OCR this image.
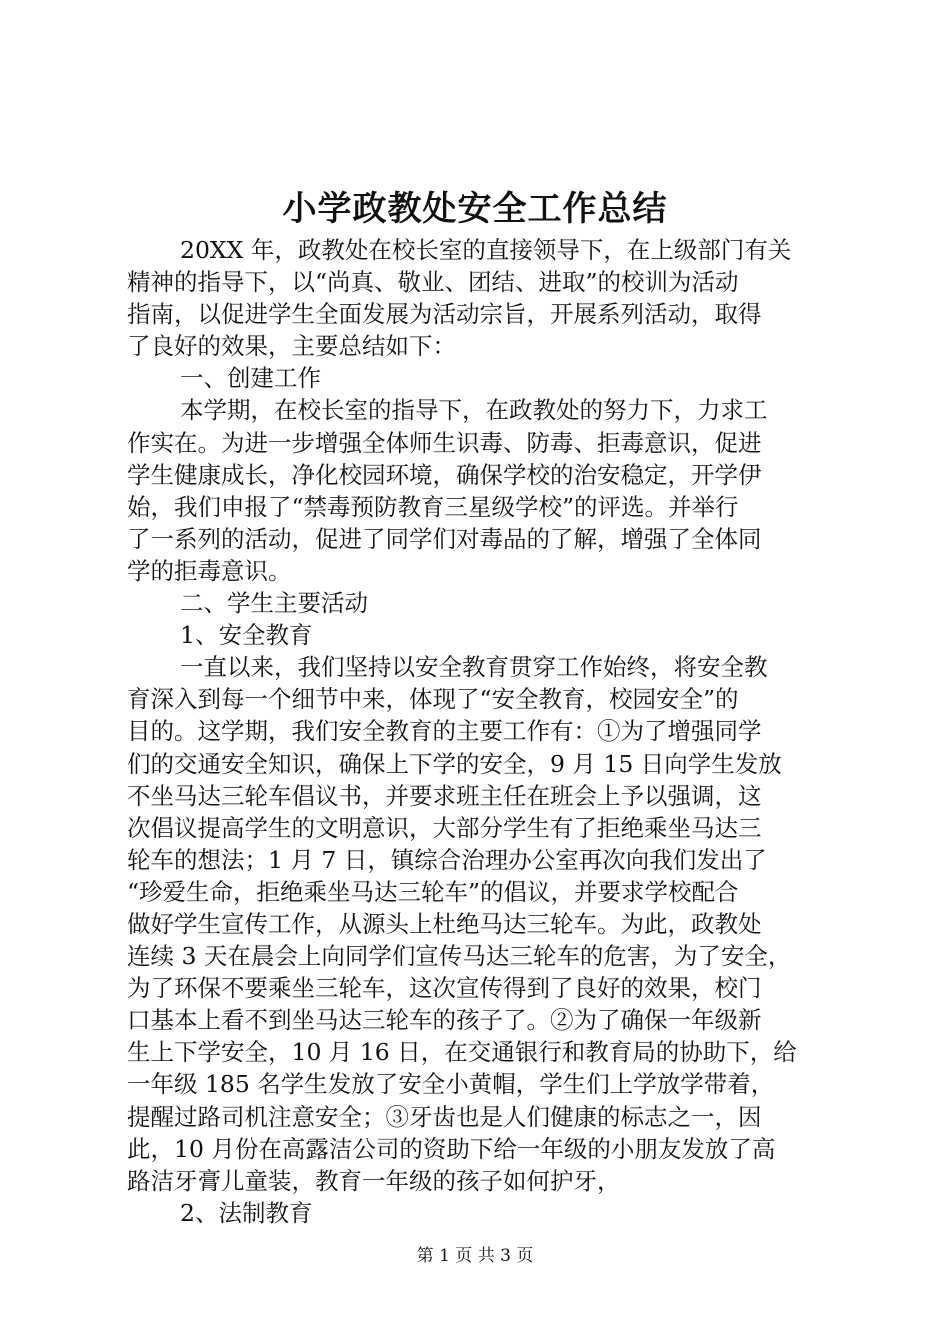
小学政教处安全工作总结
20XX 年，政教处在校长室的直接领导下，在上级部门有关
精神的指导下，以“尚真、敬业、团结、进取”的校训为活动
指南，以促进学生全面发展为活动宗旨，开展系列活动，取得
了良好的效果，主要总结如下：
一、创建工作
本学期，在校长室的指导下，在政教处的努力下，力求工
作实在。为进一步增强全体师生识毒、防毒、拒毒意识，促进
学生健康成长，净化校园环境，确保学校的治安稳定，开学伊
始，我们申报了“禁毒预防教育三星级学校”的评选。并举行
了一系列的活动，促进了同学们对毒品的了解，增强了全体同
学的拒毒意识。
二、学生主要活动
1、安全教育
一直以来，我们坚持以安全教育贯穿工作始终，将安全教
育深入到每一个细节中来，体现了“安全教育，校园安全”的
目的。这学期，我们安全教育的主要工作有：①为了增强同学
们的交通安全知识，确保上下学的安全，9 月 15 日向学生发放
不坐马达三轮车倡议书，并要求班主任在班会上予以强调，这
次倡议提高学生的文明意识，大部分学生有了拒绝乘坐马达三
轮车的想法；1 月 7 日，镇综合治理办公室再次向我们发出了
“珍爱生命，拒绝乘坐马达三轮车”的倡议，并要求学校配合
做好学生宣传工作，从源头上杜绝马达三轮车。为此，政教处
连续 3 天在晨会上向同学们宣传马达三轮车的危害，为了安全，
为了环保不要乘坐三轮车，这次宣传得到了良好的效果，校门
口基本上看不到坐马达三轮车的孩子了。②为了确保一年级新
生上下学安全，10 月 16 日，在交通银行和教育局的协助下，给
一年级 185 名学生发放了安全小黄帽，学生们上学放学带着，
提醒过路司机注意安全；③牙齿也是人们健康的标志之一，因
此，10 月份在高露洁公司的资助下给一年级的小朋友发放了高
路洁牙膏儿童装，教育一年级的孩子如何护牙，
2、法制教育
第 1 页 共 3 页
